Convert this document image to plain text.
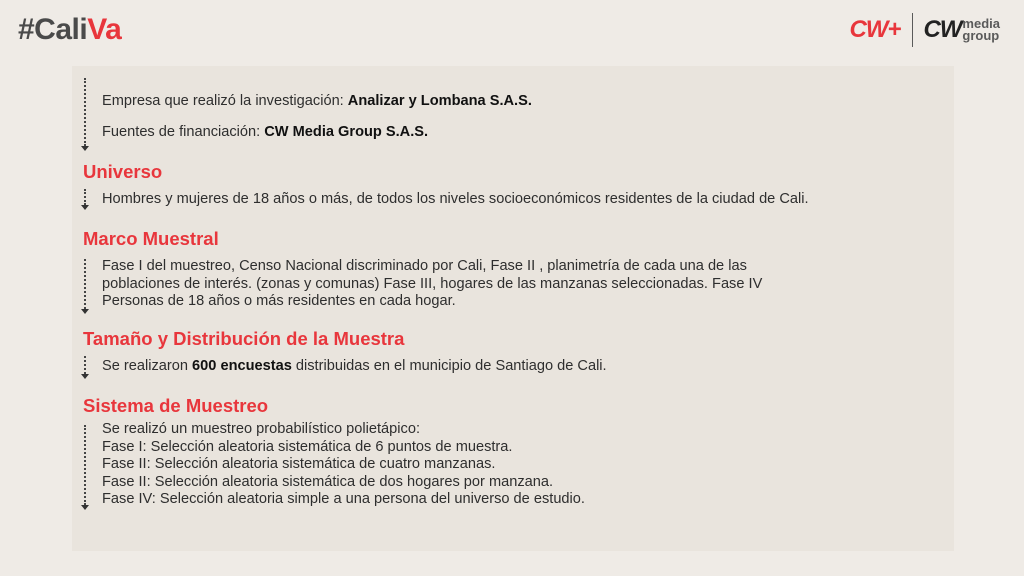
#CaliVa	CW+ CW media
group
Empresa que realizó la investigación: Analizar y Lombana S.A.S.
Fuentes de financiación: CW Media Group S.A.S.
Universo
Hombres y mujeres de 18 años o más, de todos los niveles socioeconómicos residentes de la ciudad de Cali.
Marco Muestral
Fase I del muestreo, Censo Nacional discriminado por Cali, Fase II , planimetría de cada una de las
poblaciones de interés. (zonas y comunas) Fase III, hogares de las manzanas seleccionadas. Fase IV
Personas de 18 años o más residentes en cada hogar.
Tamaño y Distribución de la Muestra
Se realizaron 600 encuestas distribuidas en el municipio de Santiago de Cali.
Sistema de Muestreo
Se realizó un muestreo probabilístico polietápico:
Fase I: Selección aleatoria sistemática de 6 puntos de muestra.
Fase II: Selección aleatoria sistemática de cuatro manzanas.
Fase II: Selección aleatoria sistemática de dos hogares por manzana.
Fase IV: Selección aleatoria simple a una persona del universo de estudio.
